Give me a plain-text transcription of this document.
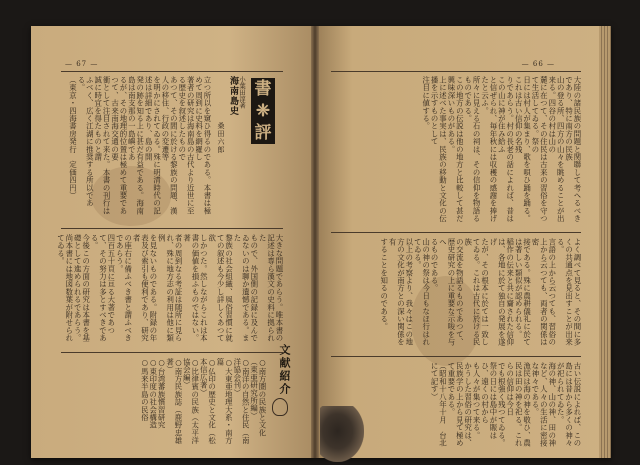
— 67 —
立つ所以を窺ひ得るのである。本書は極めて周到に史料を網羅し
著者の研究は海南島の古代より近世に至る歴史を叙述したもので
あつて、その間に於ける黎族の問題、漢人の移住、行政の変遷等
を明かにされてゐる。殊に明清時代の記述は詳細であり、島の開
発の跡を知る上に甚だ有益である。海南島は南支那の一島嶼であ
るが、その地理的位置は極めて重要であつて、古来南海交通の要
衝として注目されて来た。本書の刊行は誠に時宜を得たものと謂
ふべく、広く江湖に推奨する所以である。
（東京・四海書房発行　定価四円）	桑田六郎
海南島史 小葉田淳著 書
❈
評
大きな問題であらう。唯本書の記述は専ら漢文の史料に拠られた
もので、外国側の記録に及んでゐないのは聊か遺憾である。また
黎族の社会組織、風俗習慣に就ての叙述も今少し詳しくあつて欲
しかつた。然しながらこれは本書の価値を損ふものではない。著
者の周到なる考証は随所に見られ、殊に地方志の利用は他に類例
を見ないものである。附録の年表及び索引も便利であり、研究者
の座右に備ふべき書と謂ふべきであらう。
四百五十頁に亘る大著であつて、その努力は多とすべきである。
今後この方面の研究は本書を基礎として進められるであらう。
尚本書には地図数葉が附せられてゐる。
○南方圏の民族と文化（東亜研究所編）
○南洋の自然と住民（南洋協会刊）
○大東亜地理大系・南方篇
○仏印の歴史と文化（松本信広著）
○比律賓の民族（太平洋協会編）
○南方民族誌（鹿野忠雄著）
○台湾蕃族慣習研究
○東印度の社会構造
○馬来半島の民俗	文献紹介
— 66 —
大陸の諸民族の問題と関聯して考へるべきであり、特に南方の民族
山の登る所、四方の山々を眺めることが出来る。四谷の村は山の
麓に在つて、その住民は古来の習俗を守つて生活してゐる。祭の
日には村人が集まり、歌を唄ひ踊を踊る。これは古い信仰の名残
りであらう。村の長老の話によれば、昔はこの山に神が住み給ふ
と信ぜられ、毎年秋には収穫の感謝を捧げたと云ふ。
所々に見える石の祠は、その信仰を物語るものである。
この地方の伝説は他の地方と比較して甚だ興味深いものがある。
上に述べた事実は、民族の移動と文化の伝播を示すものとして
注目に値する。
よく調べて見ると、その間に多くの共通点を見出すことが出来る。
言語の上から云つても、習俗の上から云つても、両者の関係は密
接である。殊に農耕儀礼に於ては著しい類似が認められる。
稲作の伝来と共に齎された信仰は、各地に於て独自の発展を遂げ
たが、その根本に於ては一致してゐる。これは古代に於ける民族
の交流を物語るものであつて、歴史研究の上に重要な示唆を与へ
るものである。
山の神の祭は今日もなほ行はれてゐる。
以上の考察より、我々はこの地方の文化が南方との深い関係を有
することを知るのである。
古い伝説によれば、この島には昔から多くの神々が祀られてゐた。
海の神、山の神、田の神など、人々の生活に密接な神々である。
漁民は海の神を敬ひ、農民は田の神を祀る。これらの信仰は今日
でも根強く残つてゐる。祭の日には島中が賑はひ、遠くの村から
も人々が集つて来る。
かうした習俗の研究は、民族学の上から見て極めて重要である。
（昭和十八年十月　台北にて記す）
